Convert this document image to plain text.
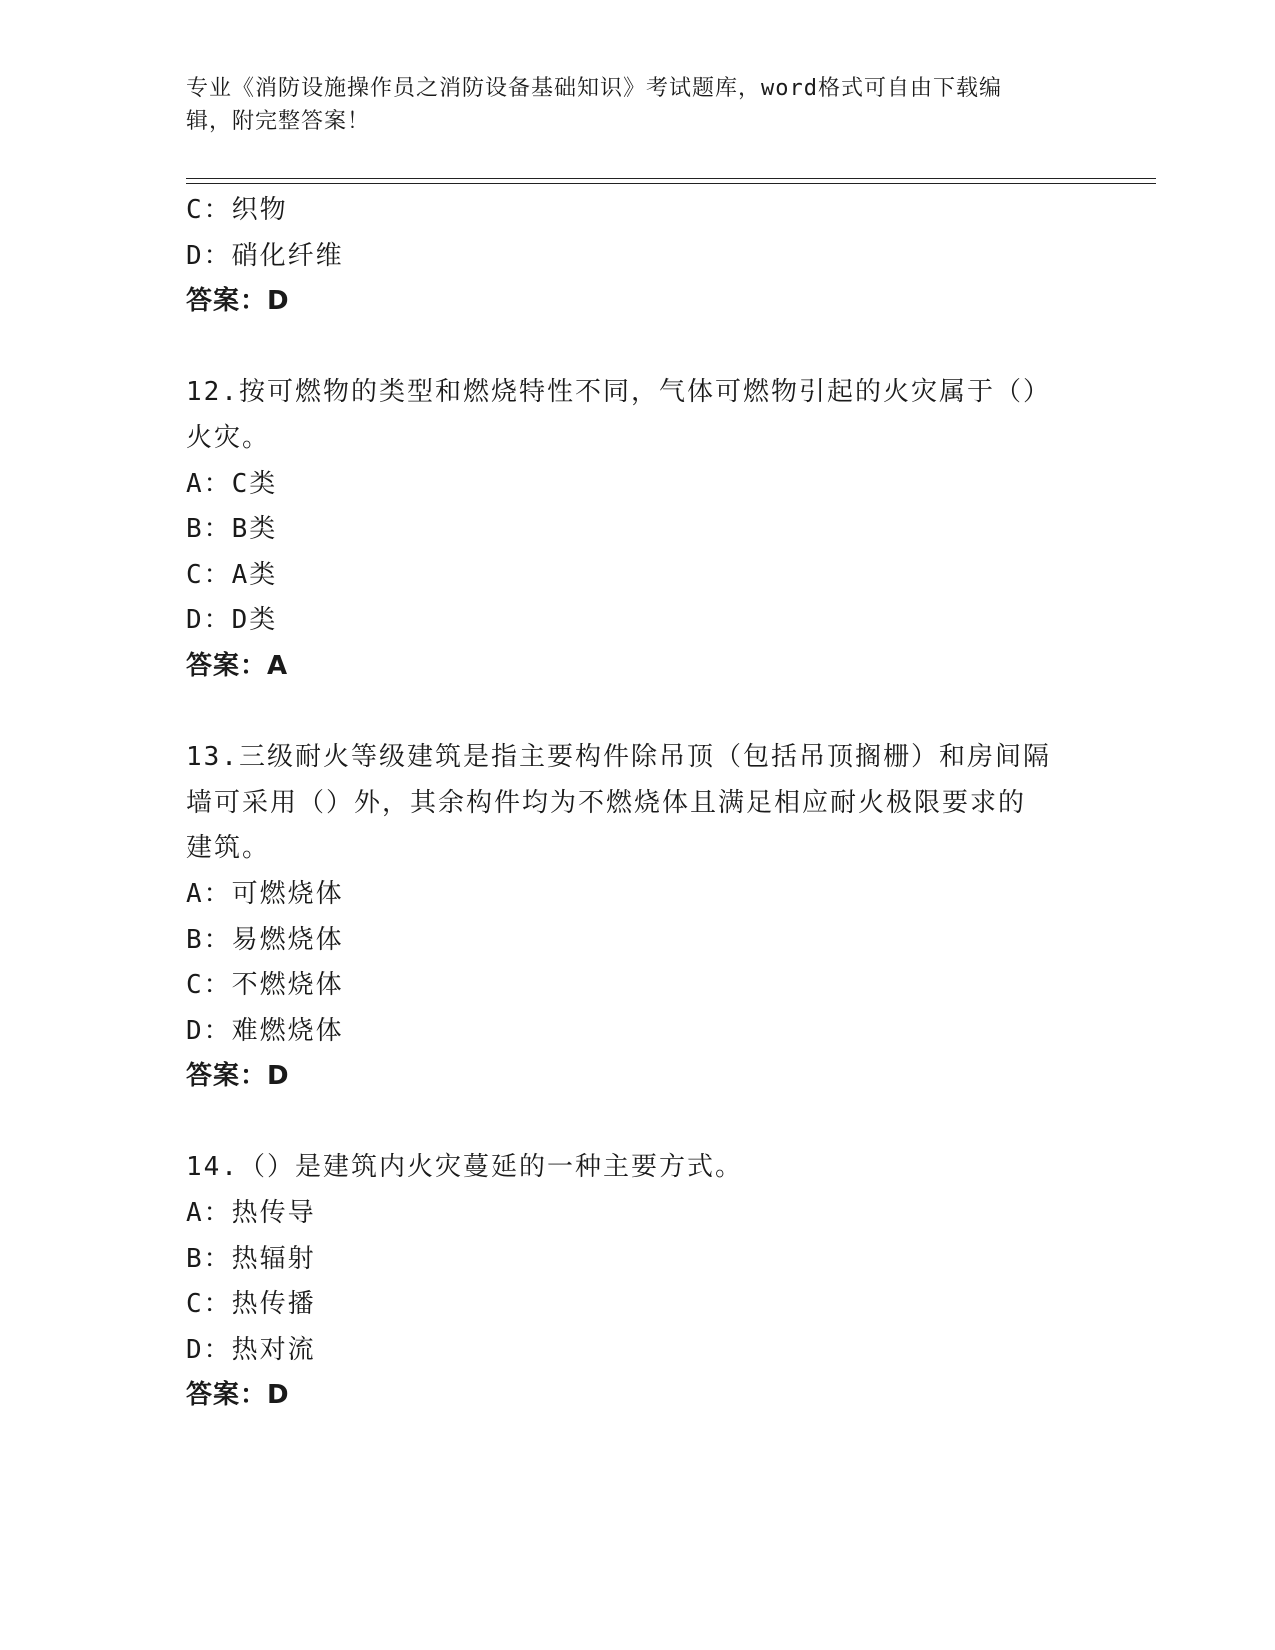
专业《消防设施操作员之消防设备基础知识》考试题库，word格式可自由下载编
辑，附完整答案！
C：织物
D：硝化纤维
答案：D
12.按可燃物的类型和燃烧特性不同，气体可燃物引起的火灾属于（）
火灾。
A：C类
B：B类
C：A类
D：D类
答案：A
13.三级耐火等级建筑是指主要构件除吊顶（包括吊顶搁栅）和房间隔
墙可采用（）外，其余构件均为不燃烧体且满足相应耐火极限要求的
建筑。
A：可燃烧体
B：易燃烧体
C：不燃烧体
D：难燃烧体
答案：D
14.（）是建筑内火灾蔓延的一种主要方式。
A：热传导
B：热辐射
C：热传播
D：热对流
答案：D
